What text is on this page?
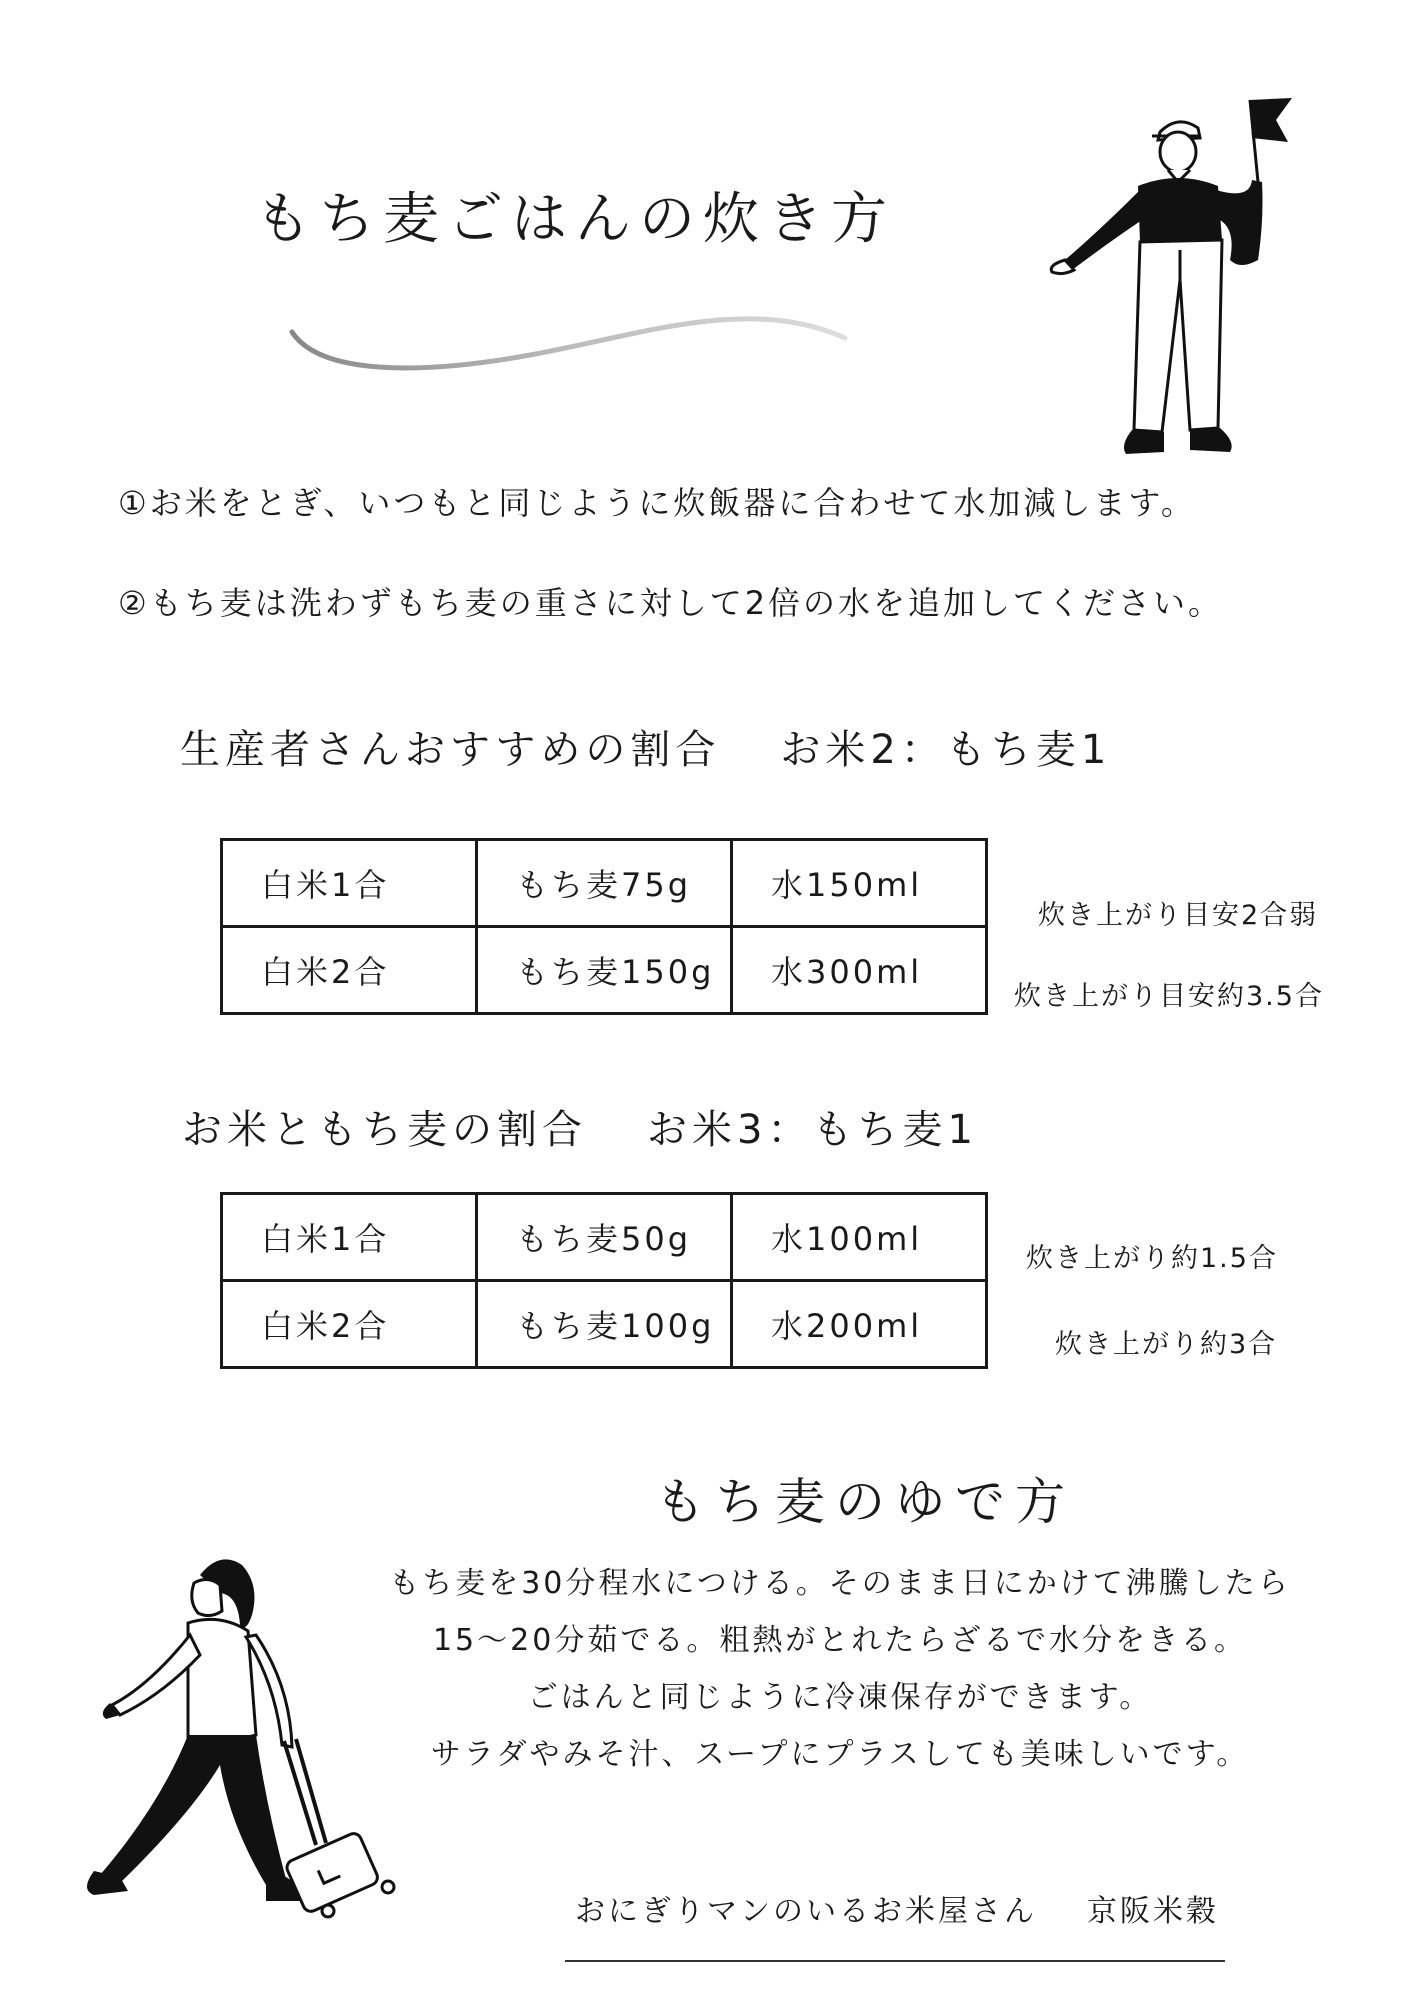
もち麦ごはんの炊き方
①お米をとぎ、いつもと同じように炊飯器に合わせて水加減します。
②もち麦は洗わずもち麦の重さに対して2倍の水を追加してください。
生産者さんおすすめの割合 お米2：もち麦1
白米1合	もち麦75g	水150ml
白米2合	もち麦150g	水300ml
炊き上がり目安2合弱
炊き上がり目安約3.5合
お米ともち麦の割合 お米3：もち麦1
白米1合	もち麦50g	水100ml
白米2合	もち麦100g	水200ml
炊き上がり約1.5合
炊き上がり約3合
もち麦のゆで方
もち麦を30分程水につける。そのまま日にかけて沸騰したら
15〜20分茹でる。粗熱がとれたらざるで水分をきる。
ごはんと同じように冷凍保存ができます。
サラダやみそ汁、スープにプラスしても美味しいです。
おにぎりマンのいるお米屋さん 京阪米穀
